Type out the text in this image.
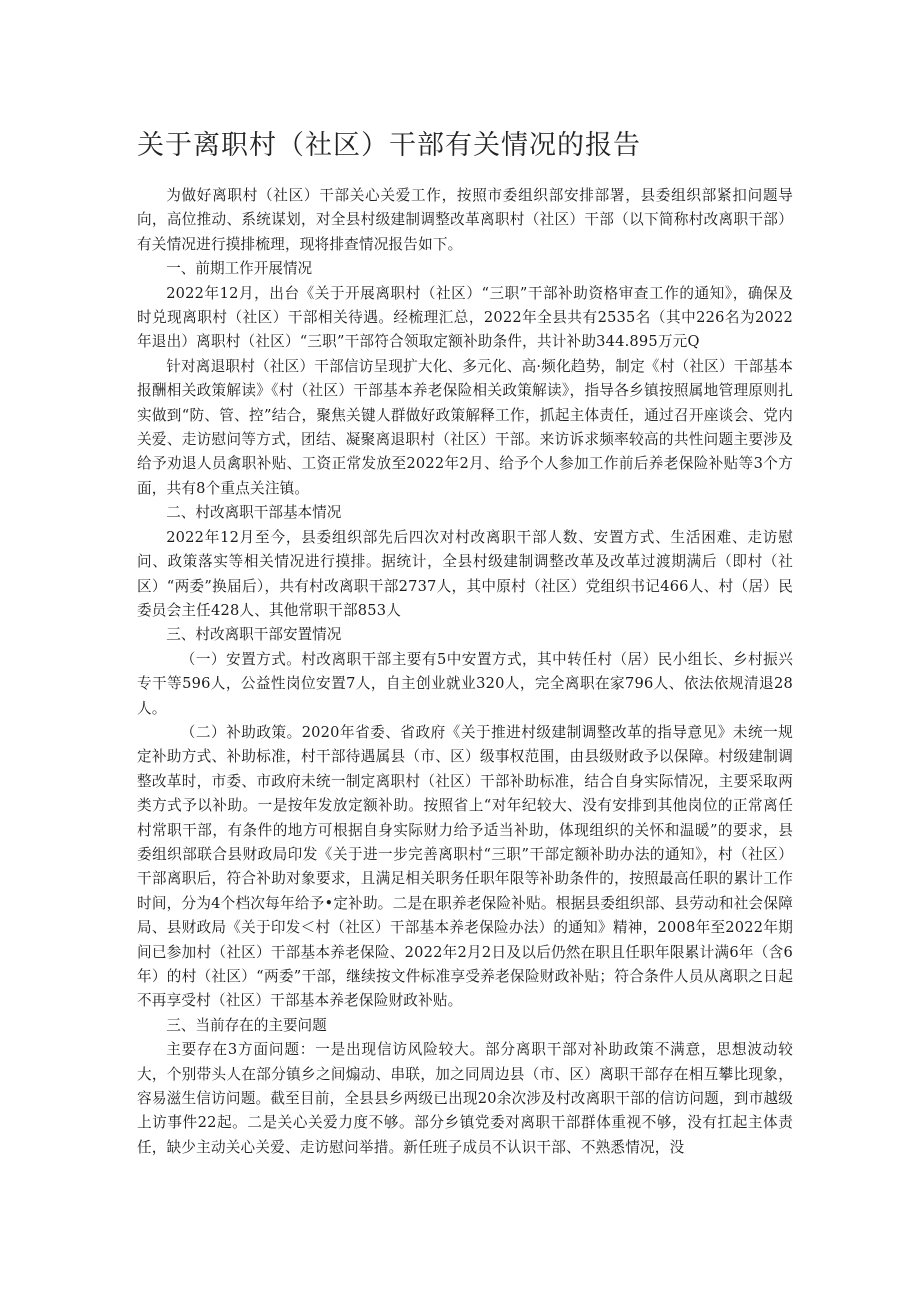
关于离职村（社区）干部有关情况的报告

为做好离职村（社区）干部关心关爱工作，按照市委组织部安排部署，县委组织部紧扣问题导向，高位推动、系统谋划，对全县村级建制调整改革离职村（社区）干部（以下简称村改离职干部）有关情况进行摸排梳理，现将排查情况报告如下。

一、前期工作开展情况

2022年12月，出台《关于开展离职村（社区）“三职”干部补助资格审查工作的通知》，确保及时兑现离职村（社区）干部相关待遇。经梳理汇总，2022年全县共有2535名（其中226名为2022年退出）离职村（社区）“三职”干部符合领取定额补助条件，共计补助344.895万元Q

针对离退职村（社区）干部信访呈现扩大化、多元化、高·频化趋势，制定《村（社区）干部基本报酬相关政策解读》《村（社区）干部基本养老保险相关政策解读》，指导各乡镇按照属地管理原则扎实做到“防、管、控”结合，聚焦关键人群做好政策解释工作，抓起主体责任，通过召开座谈会、党内关爱、走访慰问等方式，团结、凝聚离退职村（社区）干部。来访诉求频率较高的共性问题主要涉及给予劝退人员禽职补贴、工资正常发放至2022年2月、给予个人参加工作前后养老保险补贴等3个方面，共有8个重点关注镇。

二、村改离职干部基本情况

2022年12月至今，县委组织部先后四次对村改离职干部人数、安置方式、生活困难、走访慰问、政策落实等相关情况进行摸排。据统计，全县村级建制调整改革及改革过渡期满后（即村（社区）“两委”换届后），共有村改离职干部2737人，其中原村（社区）党组织书记466人、村（居）民委员会主任428人、其他常职干部853人

三、村改离职干部安置情况

（一）安置方式。村改离职干部主要有5中安置方式，其中转任村（居）民小组长、乡村振兴专干等596人，公益性岗位安置7人，自主创业就业320人，完全离职在家796人、依法依规清退28人。

（二）补助政策。2020年省委、省政府《关于推进村级建制调整改革的指导意见》未统一规定补助方式、补助标准，村干部待遇属县（市、区）级事权范围，由县级财政予以保障。村级建制调整改革时，市委、市政府未统一制定离职村（社区）干部补助标准，结合自身实际情况，主要采取两类方式予以补助。一是按年发放定额补助。按照省上“对年纪较大、没有安排到其他岗位的正常离任村常职干部，有条件的地方可根据自身实际财力给予适当补助，体现组织的关怀和温暖”的要求，县委组织部联合县财政局印发《关于进一步完善离职村“三职”干部定额补助办法的通知》，村（社区）干部离职后，符合补助对象要求，且满足相关职务任职年限等补助条件的，按照最高任职的累计工作时间，分为4个档次每年给予•定补助。二是在职养老保险补贴。根据县委组织部、县劳动和社会保障局、县财政局《关于印发＜村（社区）干部基本养老保险办法）的通知》精神，2008年至2022年期间已参加村（社区）干部基本养老保险、2022年2月2日及以后仍然在职且任职年限累计满6年（含6年）的村（社区）“两委”干部，继续按文件标准享受养老保险财政补贴；符合条件人员从离职之日起不再享受村（社区）干部基本养老保险财政补贴。

三、当前存在的主要问题

主要存在3方面问题：一是出现信访风险较大。部分离职干部对补助政策不满意，思想波动较大，个别带头人在部分镇乡之间煽动、串联，加之同周边县（市、区）离职干部存在相互攀比现象，容易滋生信访问题。截至目前，全县县乡两级已出现20余次涉及村改离职干部的信访问题，到市越级上访事件22起。二是关心关爱力度不够。部分乡镇党委对离职干部群体重视不够，没有扛起主体责任，缺少主动关心关爱、走访慰问举措。新任班子成员不认识干部、不熟悉情况，没
